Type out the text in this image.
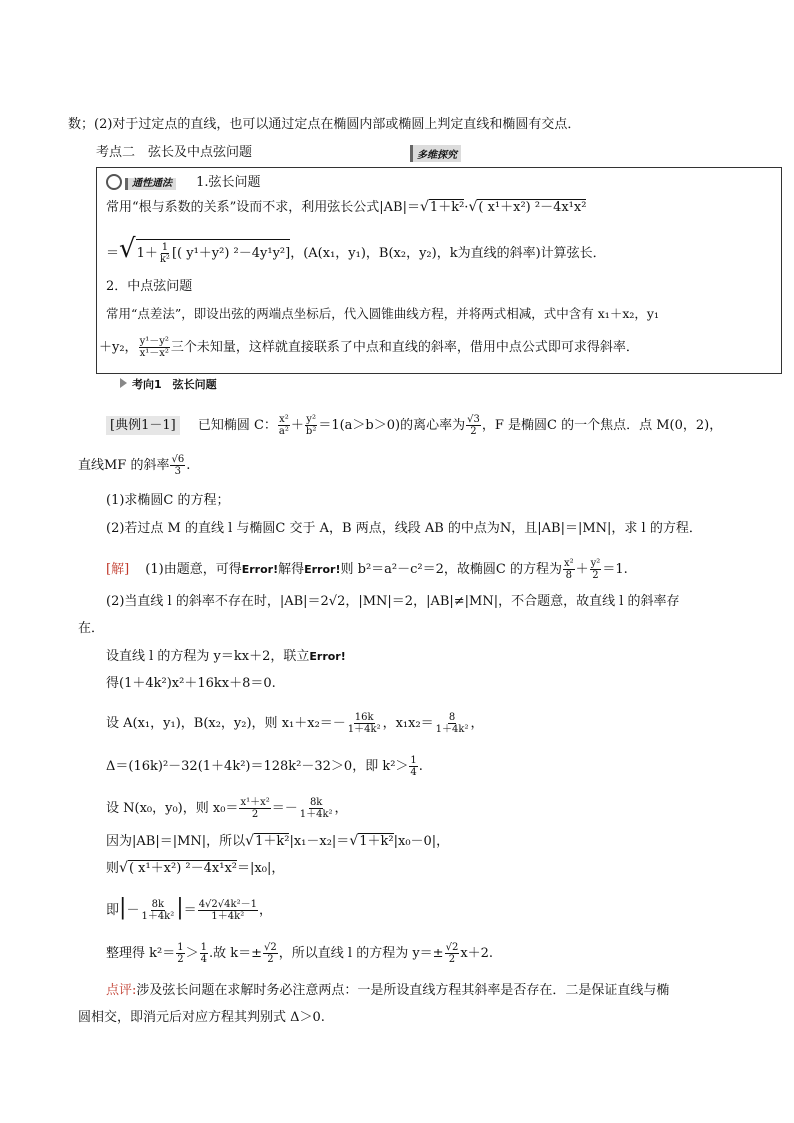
数；(2)对于过定点的直线，也可以通过定点在椭圆内部或椭圆上判定直线和椭圆有交点．
考点二　弦长及中点弦问题	多维探究
通性通法 1.弦长问题
常用“根与系数的关系”设而不求，利用弦长公式|AB|＝√1＋k²·√( x¹＋x²) ²－4x¹x²
$=√1+ \frac{1}{\text{k²}}$ [( y¹＋y²) ²－4y¹y²]，(A(x₁，y₁)，B(x₂，y₂)，k为直线的斜率)计算弦长．
2．中点弦问题
常用“点差法”，即设出弦的两端点坐标后，代入圆锥曲线方程，并将两式相减，式中含有 x₁＋x₂，y₁
＋y₂， $\frac{\text{y¹－y²}}{\text{x¹－x²}}$ 三个未知量，这样就直接联系了中点和直线的斜率，借用中点公式即可求得斜率．
考向1　弦长问题
[典例1－1] 已知椭圆 C： $\frac{\text{x²}}{\text{a²}} + \frac{\text{y²}}{\text{b²}} =1(a>b>0)$的离心率为 $\frac{√3}{2}$ ，F 是椭圆C 的一个焦点．点 M(0，2)，
直线MF 的斜率 $\frac{√6}{3}$ .
(1)求椭圆C 的方程；
(2)若过点 M 的直线 l 与椭圆C 交于 A，B 两点，线段 AB 的中点为N，且|AB|＝|MN|，求 l 的方程．
[解] (1)由题意，可得Error!解得Error!则 b²＝a²－c²＝2，故椭圆C 的方程为 $\frac{\text{x²}}{8} + \frac{\text{y²}}{2} =1$.
(2)当直线 l 的斜率不存在时，|AB|＝2√2，|MN|＝2，|AB|≠|MN|，不合题意，故直线 l 的斜率存
在．
设直线 l 的方程为 y＝kx＋2，联立Error!
得(1＋4k²)x²＋16kx＋8＝0.
设 A(x₁，y₁)，B(x₂，y₂)，则 $x_1+x_2=- \frac{16k}{\text{1＋4k²}}$ ，$x_1x_2= \frac{8}{\text{1＋4k²}}$ ，
Δ＝(16k)²－32(1＋4k²)＝128k²－32＞0，即 $k^2> \frac{1}{4}$ .
设 N(x₀，y₀)，则 $x_0= \frac{\text{x¹＋x²}}{2} =- \frac{8k}{\text{1＋4k²}}$ ，
因为|AB|＝|MN|，所以√1＋k²|x₁－x₂|＝√1＋k²|x₀－0|，
则√( x¹＋x²) ²－4x¹x²＝|x₀|，
即|－ $\frac{8k}{\text{1＋4k²}}$ |＝ $\frac{\text{4√2√4k²－1}}{\text{1＋4k²}}$ ，
整理得 $k^2= \frac{1}{2} > \frac{1}{4}$ .故 $k=\pm \frac{√2}{2}$ ，所以直线 l 的方程为 $y=\pm \frac{√2}{2} x+2$.
点评:涉及弦长问题在求解时务必注意两点：一是所设直线方程其斜率是否存在．二是保证直线与椭
圆相交，即消元后对应方程其判别式 Δ＞0.
